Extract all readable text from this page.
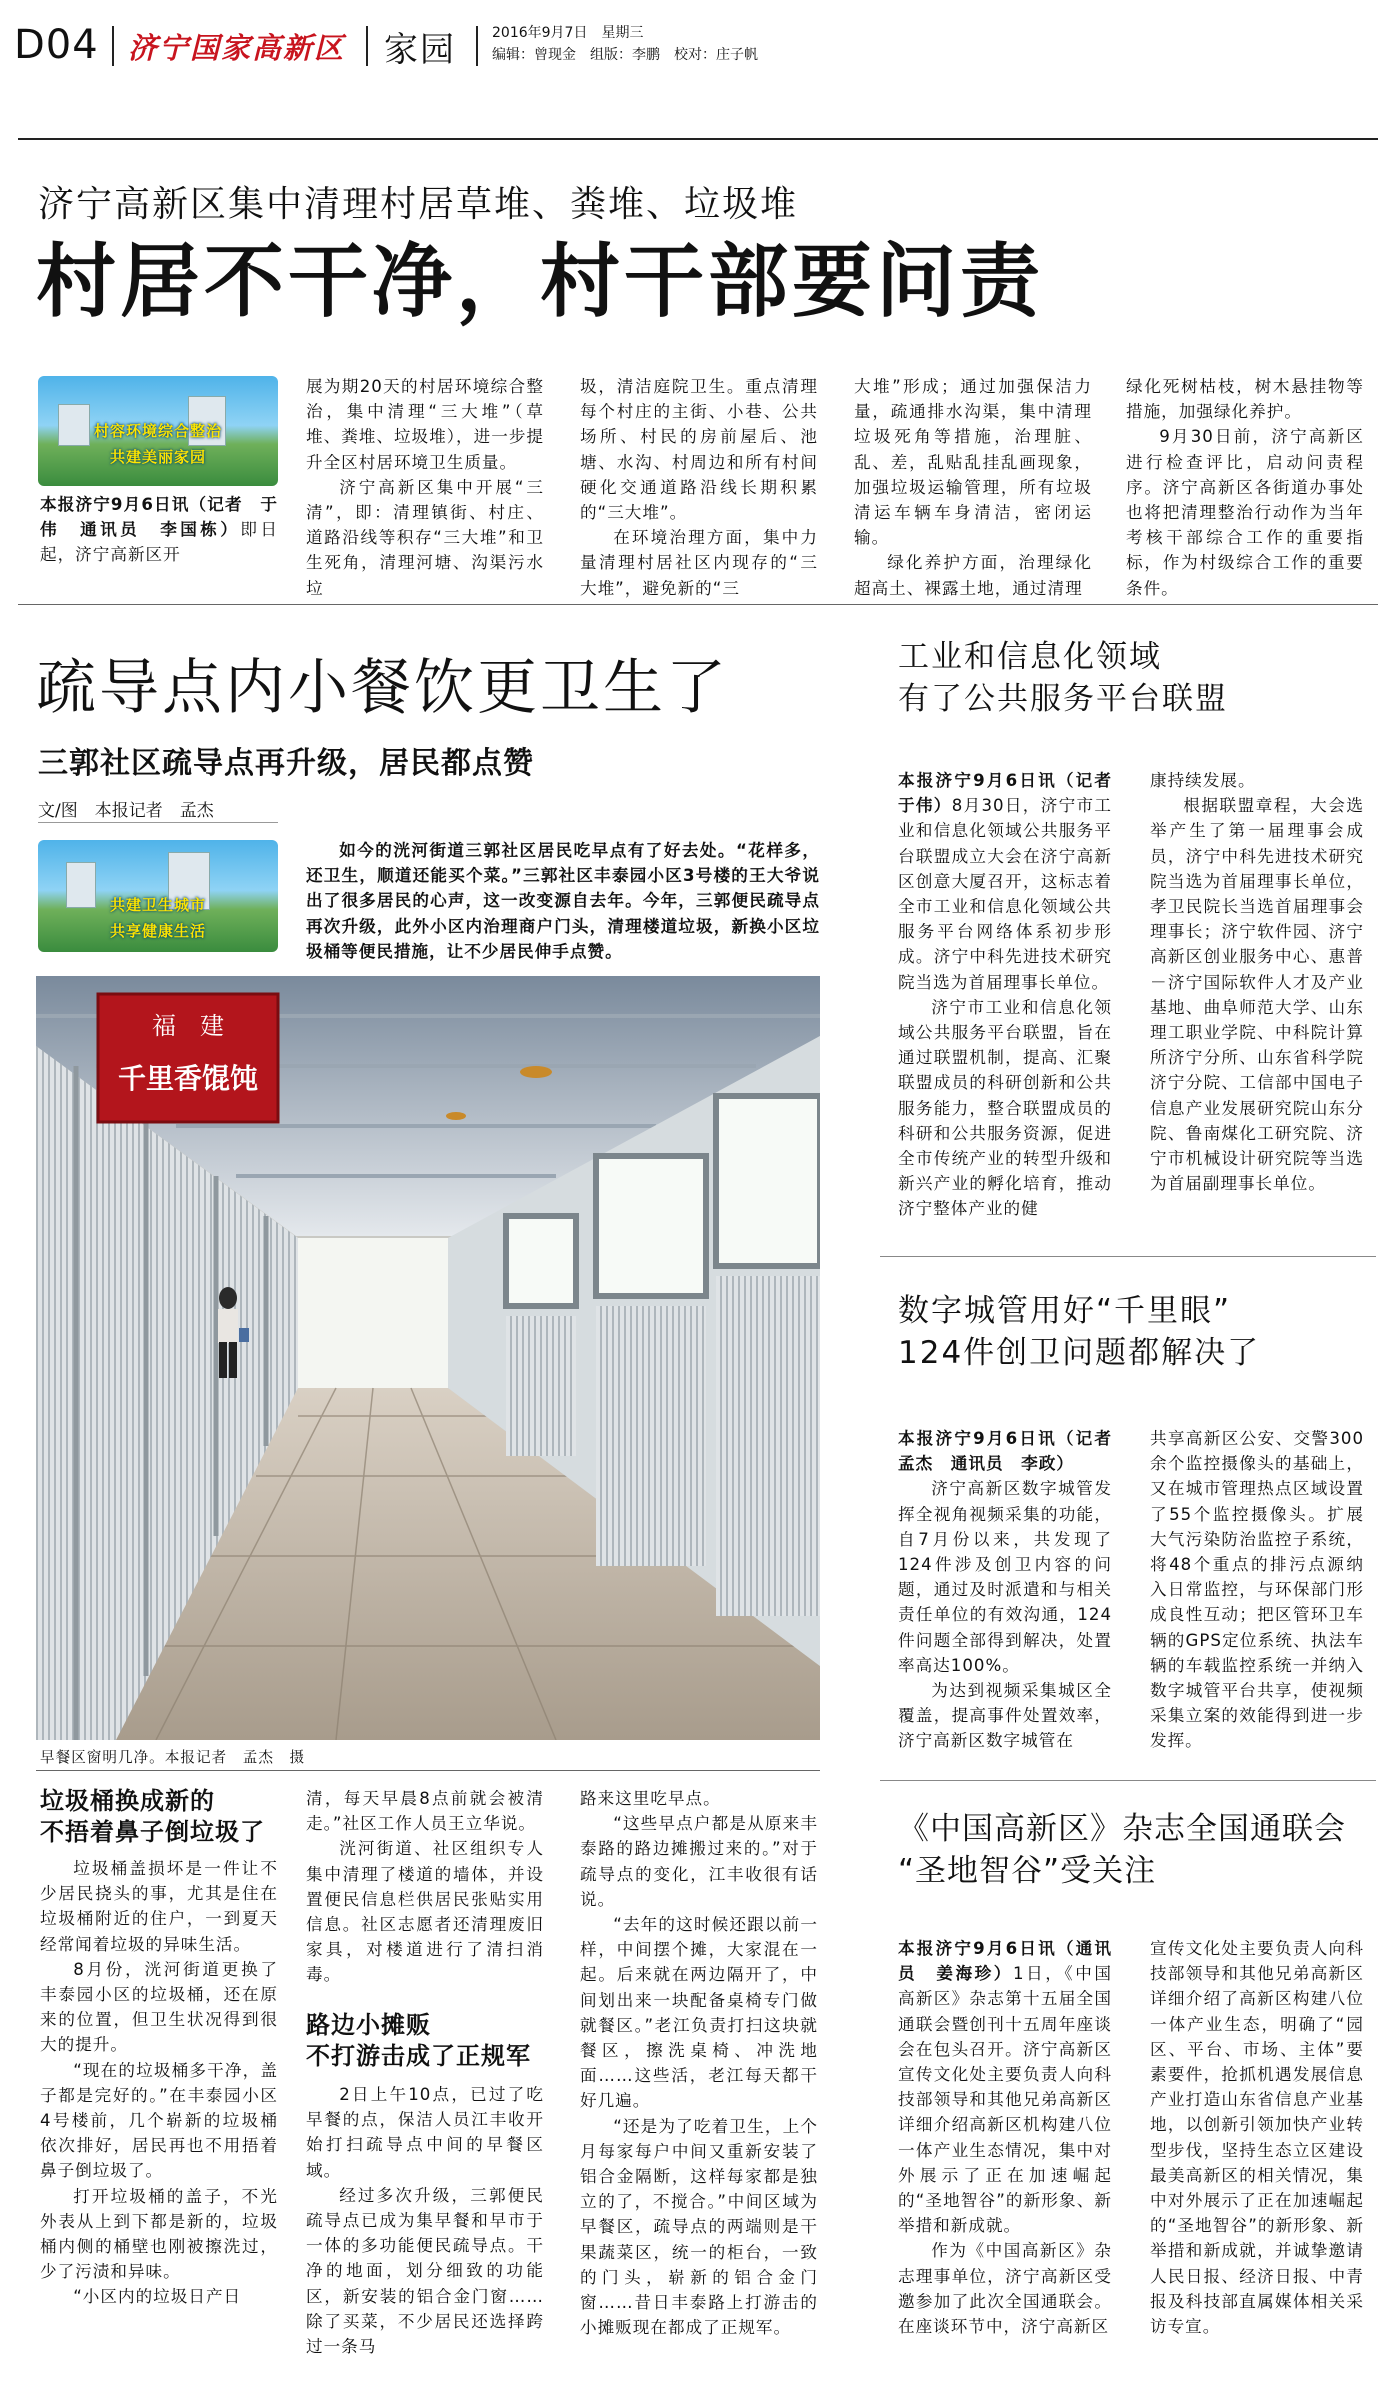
D04 济宁国家高新区 家园	2016年9月7日　星期三
编辑：曾现金　组版：李鹏　校对：庄子帆
济宁高新区集中清理村居草堆、粪堆、垃圾堆
村居不干净，村干部要问责
村容环境综合整治
共建美丽家园

本报济宁9月6日讯（记者　于伟　通讯员　李国栋）即日起，济宁高新区开

展为期20天的村居环境综合整治，集中清理“三大堆”（草堆、粪堆、垃圾堆），进一步提升全区村居环境卫生质量。

济宁高新区集中开展“三清”，即：清理镇街、村庄、道路沿线等积存“三大堆”和卫生死角，清理河塘、沟渠污水垃

圾，清洁庭院卫生。重点清理每个村庄的主街、小巷、公共场所、村民的房前屋后、池塘、水沟、村周边和所有村间硬化交通道路沿线长期积累的“三大堆”。

在环境治理方面，集中力量清理村居社区内现存的“三大堆”，避免新的“三

大堆”形成；通过加强保洁力量，疏通排水沟渠，集中清理垃圾死角等措施，治理脏、乱、差，乱贴乱挂乱画现象，加强垃圾运输管理，所有垃圾清运车辆车身清洁，密闭运输。

绿化养护方面，治理绿化超高土、裸露土地，通过清理

绿化死树枯枝，树木悬挂物等措施，加强绿化养护。

9月30日前，济宁高新区进行检查评比，启动问责程序。济宁高新区各街道办事处也将把清理整治行动作为当年考核干部综合工作的重要指标，作为村级综合工作的重要条件。

疏导点内小餐饮更卫生了
三郭社区疏导点再升级，居民都点赞
文/图　本报记者　孟杰
共建卫生城市
共享健康生活

如今的洸河街道三郭社区居民吃早点有了好去处。“花样多，还卫生，顺道还能买个菜。”三郭社区丰泰园小区3号楼的王大爷说出了很多居民的心声，这一改变源自去年。今年，三郭便民疏导点再次升级，此外小区内治理商户门头，清理楼道垃圾，新换小区垃圾桶等便民措施，让不少居民伸手点赞。

福　建
千里香馄饨
早餐区窗明几净。本报记者　孟杰　摄
垃圾桶换成新的
不捂着鼻子倒垃圾了

垃圾桶盖损坏是一件让不少居民挠头的事，尤其是住在垃圾桶附近的住户，一到夏天经常闻着垃圾的异味生活。

8月份，洸河街道更换了丰泰园小区的垃圾桶，还在原来的位置，但卫生状况得到很大的提升。

“现在的垃圾桶多干净，盖子都是完好的。”在丰泰园小区4号楼前，几个崭新的垃圾桶依次排好，居民再也不用捂着鼻子倒垃圾了。

打开垃圾桶的盖子，不光外表从上到下都是新的，垃圾桶内侧的桶壁也刚被擦洗过，少了污渍和异味。

“小区内的垃圾日产日

清，每天早晨8点前就会被清走。”社区工作人员王立华说。

洸河街道、社区组织专人集中清理了楼道的墙体，并设置便民信息栏供居民张贴实用信息。社区志愿者还清理废旧家具，对楼道进行了清扫消毒。

路边小摊贩
不打游击成了正规军

2日上午10点，已过了吃早餐的点，保洁人员江丰收开始打扫疏导点中间的早餐区域。

经过多次升级，三郭便民疏导点已成为集早餐和早市于一体的多功能便民疏导点。干净的地面，划分细致的功能区，新安装的铝合金门窗……除了买菜，不少居民还选择跨过一条马

路来这里吃早点。

“这些早点户都是从原来丰泰路的路边摊搬过来的。”对于疏导点的变化，江丰收很有话说。

“去年的这时候还跟以前一样，中间摆个摊，大家混在一起。后来就在两边隔开了，中间划出来一块配备桌椅专门做就餐区。”老江负责打扫这块就餐区，擦洗桌椅、冲洗地面……这些活，老江每天都干好几遍。

“还是为了吃着卫生，上个月每家每户中间又重新安装了铝合金隔断，这样每家都是独立的了，不搅合。”中间区域为早餐区，疏导点的两端则是干果蔬菜区，统一的柜台，一致的门头，崭新的铝合金门窗……昔日丰泰路上打游击的小摊贩现在都成了正规军。

工业和信息化领域
有了公共服务平台联盟

本报济宁9月6日讯（记者　于伟）8月30日，济宁市工业和信息化领域公共服务平台联盟成立大会在济宁高新区创意大厦召开，这标志着全市工业和信息化领域公共服务平台网络体系初步形成。济宁中科先进技术研究院当选为首届理事长单位。

济宁市工业和信息化领域公共服务平台联盟，旨在通过联盟机制，提高、汇聚联盟成员的科研创新和公共服务能力，整合联盟成员的科研和公共服务资源，促进全市传统产业的转型升级和新兴产业的孵化培育，推动济宁整体产业的健

康持续发展。

根据联盟章程，大会选举产生了第一届理事会成员，济宁中科先进技术研究院当选为首届理事长单位，孝卫民院长当选首届理事会理事长；济宁软件园、济宁高新区创业服务中心、惠普－济宁国际软件人才及产业基地、曲阜师范大学、山东理工职业学院、中科院计算所济宁分所、山东省科学院济宁分院、工信部中国电子信息产业发展研究院山东分院、鲁南煤化工研究院、济宁市机械设计研究院等当选为首届副理事长单位。

数字城管用好“千里眼”
124件创卫问题都解决了

本报济宁9月6日讯（记者　孟杰　通讯员　李政）

济宁高新区数字城管发挥全视角视频采集的功能，自7月份以来，共发现了124件涉及创卫内容的问题，通过及时派遣和与相关责任单位的有效沟通，124件问题全部得到解决，处置率高达100%。

为达到视频采集城区全覆盖，提高事件处置效率，济宁高新区数字城管在

共享高新区公安、交警300余个监控摄像头的基础上，又在城市管理热点区域设置了55个监控摄像头。扩展大气污染防治监控子系统，将48个重点的排污点源纳入日常监控，与环保部门形成良性互动；把区管环卫车辆的GPS定位系统、执法车辆的车载监控系统一并纳入数字城管平台共享，使视频采集立案的效能得到进一步发挥。

《中国高新区》杂志全国通联会
“圣地智谷”受关注

本报济宁9月6日讯（通讯员　姜海珍）1日，《中国高新区》杂志第十五届全国通联会暨创刊十五周年座谈会在包头召开。济宁高新区宣传文化处主要负责人向科技部领导和其他兄弟高新区详细介绍高新区机构建八位一体产业生态情况，集中对外展示了正在加速崛起的“圣地智谷”的新形象、新举措和新成就。

作为《中国高新区》杂志理事单位，济宁高新区受邀参加了此次全国通联会。在座谈环节中，济宁高新区

宣传文化处主要负责人向科技部领导和其他兄弟高新区详细介绍了高新区构建八位一体产业生态，明确了“园区、平台、市场、主体”要素要件，抢抓机遇发展信息产业打造山东省信息产业基地，以创新引领加快产业转型步伐，坚持生态立区建设最美高新区的相关情况，集中对外展示了正在加速崛起的“圣地智谷”的新形象、新举措和新成就，并诚挚邀请人民日报、经济日报、中青报及科技部直属媒体相关采访专宣。
